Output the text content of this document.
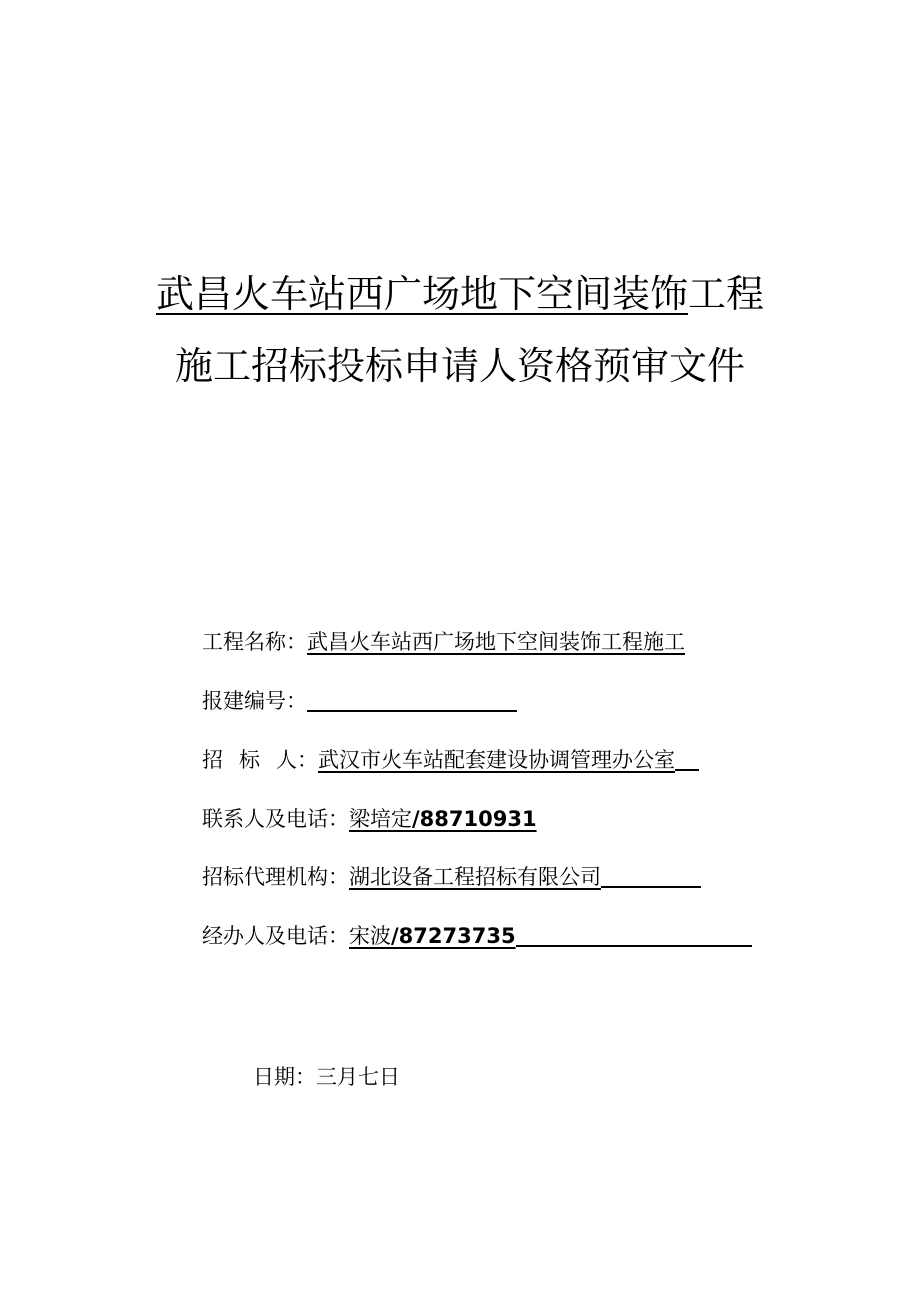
武昌火车站西广场地下空间装饰工程
施工招标投标申请人资格预审文件
工程名称：武昌火车站西广场地下空间装饰工程施工
报建编号：
招 标 人：武汉市火车站配套建设协调管理办公室
联系人及电话：梁培定/88710931
招标代理机构：湖北设备工程招标有限公司
经办人及电话：宋波/87273735
日期：三月七日
